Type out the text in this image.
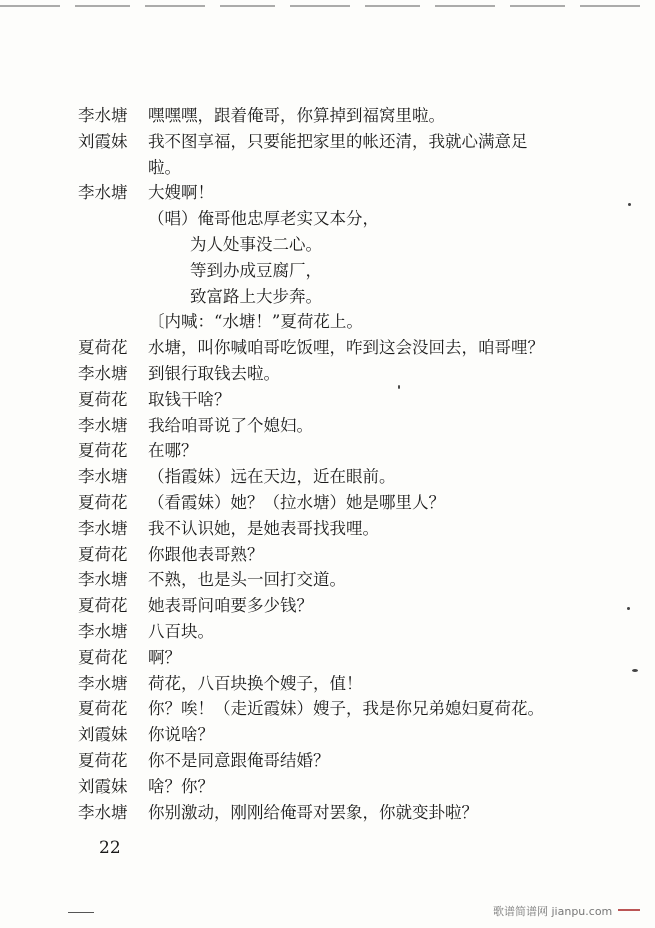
李水塘	嘿嘿嘿，跟着俺哥，你算掉到福窝里啦。
刘霞妹	我不图享福，只要能把家里的帐还清，我就心满意足
啦。
李水塘	大嫂啊！
（唱）俺哥他忠厚老实又本分，
为人处事没二心。
等到办成豆腐厂，
致富路上大步奔。
〔内喊：“水塘！”夏荷花上。
夏荷花	水塘，叫你喊咱哥吃饭哩，咋到这会没回去，咱哥哩？
李水塘	到银行取钱去啦。
夏荷花	取钱干啥？
李水塘	我给咱哥说了个媳妇。
夏荷花	在哪？
李水塘	（指霞妹）远在天边，近在眼前。
夏荷花	（看霞妹）她？（拉水塘）她是哪里人？
李水塘	我不认识她，是她表哥找我哩。
夏荷花	你跟他表哥熟？
李水塘	不熟，也是头一回打交道。
夏荷花	她表哥问咱要多少钱？
李水塘	八百块。
夏荷花	啊？
李水塘	荷花，八百块换个嫂子，值！
夏荷花	你？唉！（走近霞妹）嫂子，我是你兄弟媳妇夏荷花。
刘霞妹	你说啥？
夏荷花	你不是同意跟俺哥结婚？
刘霞妹	啥？你？
李水塘	你别激动，刚刚给俺哥对罢象，你就变卦啦？
22
歌谱简谱网 jianpu.com
